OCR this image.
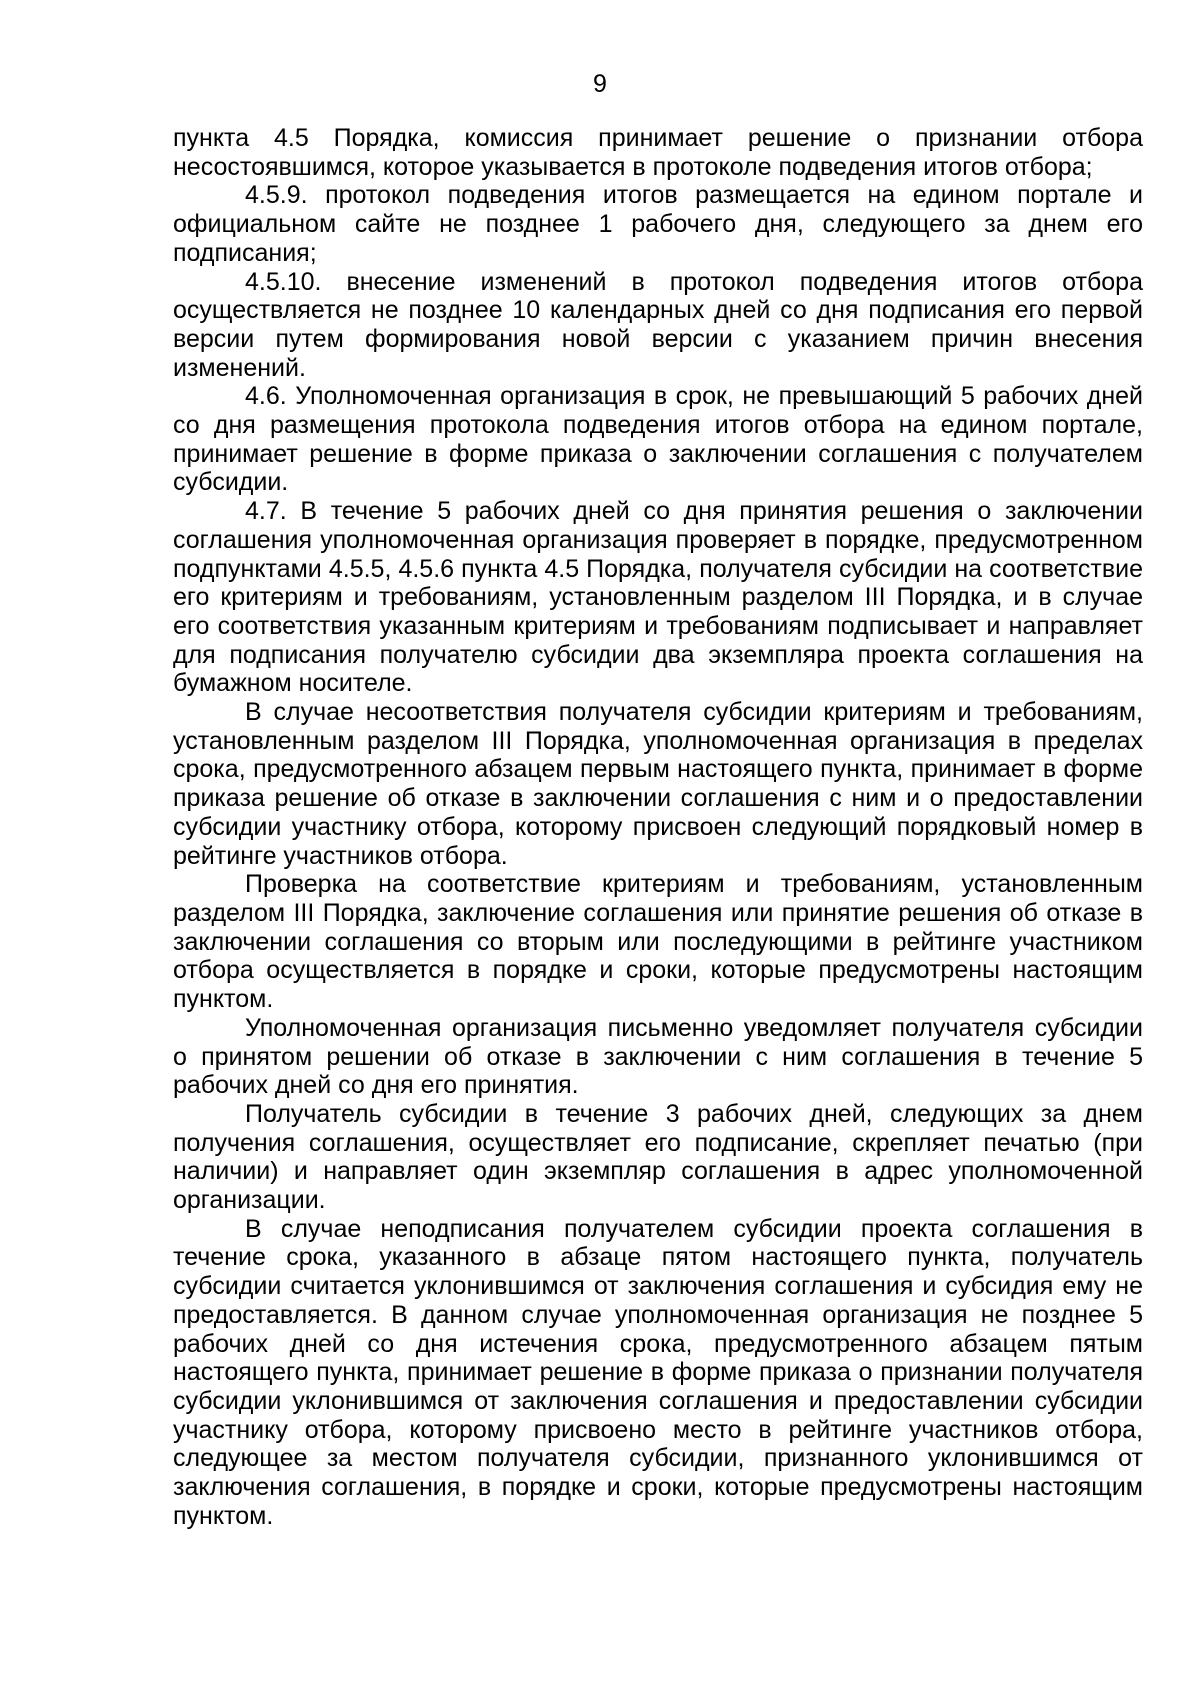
9

пункта 4.5 Порядка, комиссия принимает решение о признании отбора несостоявшимся, которое указывается в протоколе подведения итогов отбора;

4.5.9. протокол подведения итогов размещается на едином портале и официальном сайте не позднее 1 рабочего дня, следующего за днем его подписания;

4.5.10. внесение изменений в протокол подведения итогов отбора осуществляется не позднее 10 календарных дней со дня подписания его первой версии путем формирования новой версии с указанием причин внесения изменений.

4.6. Уполномоченная организация в срок, не превышающий 5 рабочих дней со дня размещения протокола подведения итогов отбора на едином портале, принимает решение в форме приказа о заключении соглашения с получателем субсидии.

4.7. В течение 5 рабочих дней со дня принятия решения о заключении соглашения уполномоченная организация проверяет в порядке, предусмотренном подпунктами 4.5.5, 4.5.6 пункта 4.5 Порядка, получателя субсидии на соответствие его критериям и требованиям, установленным разделом III Порядка, и в случае его соответствия указанным критериям и требованиям подписывает и направляет для подписания получателю субсидии два экземпляра проекта соглашения на бумажном носителе.

В случае несоответствия получателя субсидии критериям и требованиям, установленным разделом III Порядка, уполномоченная организация в пределах срока, предусмотренного абзацем первым настоящего пункта, принимает в форме приказа решение об отказе в заключении соглашения с ним и о предоставлении субсидии участнику отбора, которому присвоен следующий порядковый номер в рейтинге участников отбора.

Проверка на соответствие критериям и требованиям, установленным разделом III Порядка, заключение соглашения или принятие решения об отказе в заключении соглашения со вторым или последующими в рейтинге участником отбора осуществляется в порядке и сроки, которые предусмотрены настоящим пунктом.

Уполномоченная организация письменно уведомляет получателя субсидии о принятом решении об отказе в заключении с ним соглашения в течение 5 рабочих дней со дня его принятия.

Получатель субсидии в течение 3 рабочих дней, следующих за днем получения соглашения, осуществляет его подписание, скрепляет печатью (при наличии) и направляет один экземпляр соглашения в адрес уполномоченной организации.

В случае неподписания получателем субсидии проекта соглашения в течение срока, указанного в абзаце пятом настоящего пункта, получатель субсидии считается уклонившимся от заключения соглашения и субсидия ему не предоставляется. В данном случае уполномоченная организация не позднее 5 рабочих дней со дня истечения срока, предусмотренного абзацем пятым настоящего пункта, принимает решение в форме приказа о признании получателя субсидии уклонившимся от заключения соглашения и предоставлении субсидии участнику отбора, которому присвоено место в рейтинге участников отбора, следующее за местом получателя субсидии, признанного уклонившимся от заключения соглашения, в порядке и сроки, которые предусмотрены настоящим пунктом.
